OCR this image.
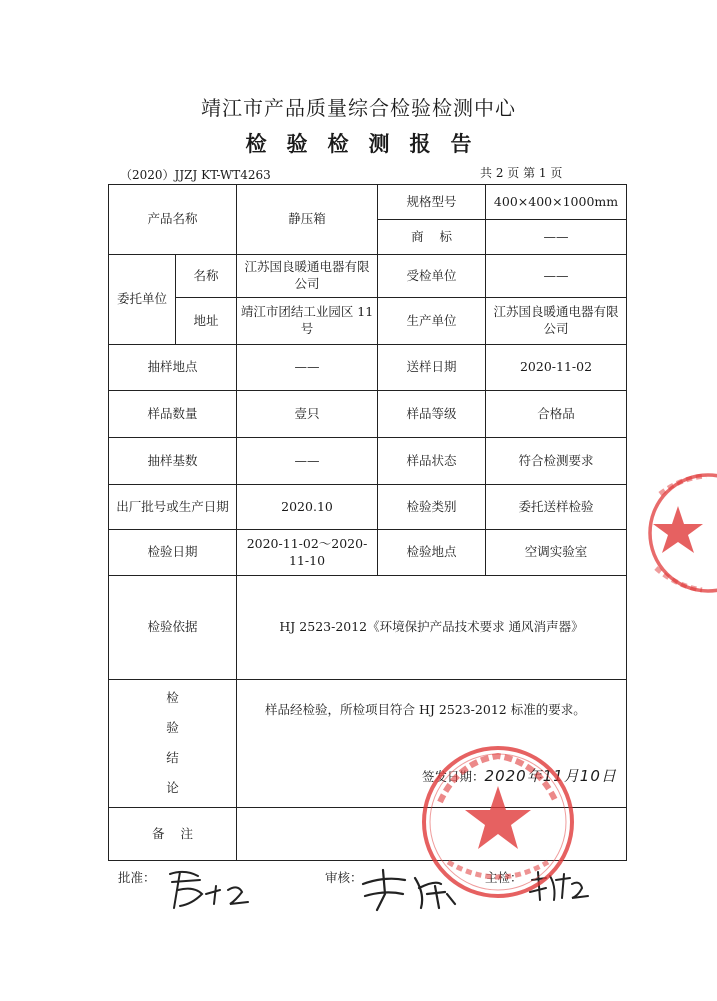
靖江市产品质量综合检验检测中心
检验检测报告
（2020）JJZJ KT-WT4263	共 2 页 第 1 页
产品名称		静压箱	规格型号	400×400×1000mm
			商    标	——
委托单位	名称	江苏国良暖通电器有限公司	受检单位	——
	地址	靖江市团结工业园区 11 号	生产单位	江苏国良暖通电器有限公司
抽样地点		——	送样日期	2020-11-02
样品数量		壹只	样品等级	合格品
抽样基数		——	样品状态	符合检测要求
出厂批号或生产日期		2020.10	检验类别	委托送样检验
检验日期		2020-11-02～2020-11-10	检验地点	空调实验室
检验依据		HJ 2523-2012《环境保护产品技术要求 通风消声器》		

检
验
结
论		样品经检验，所检项目符合 HJ 2523-2012 标准的要求。
签发日期：2020年11月10日		

备    注				
批准：	审核：	主检：
